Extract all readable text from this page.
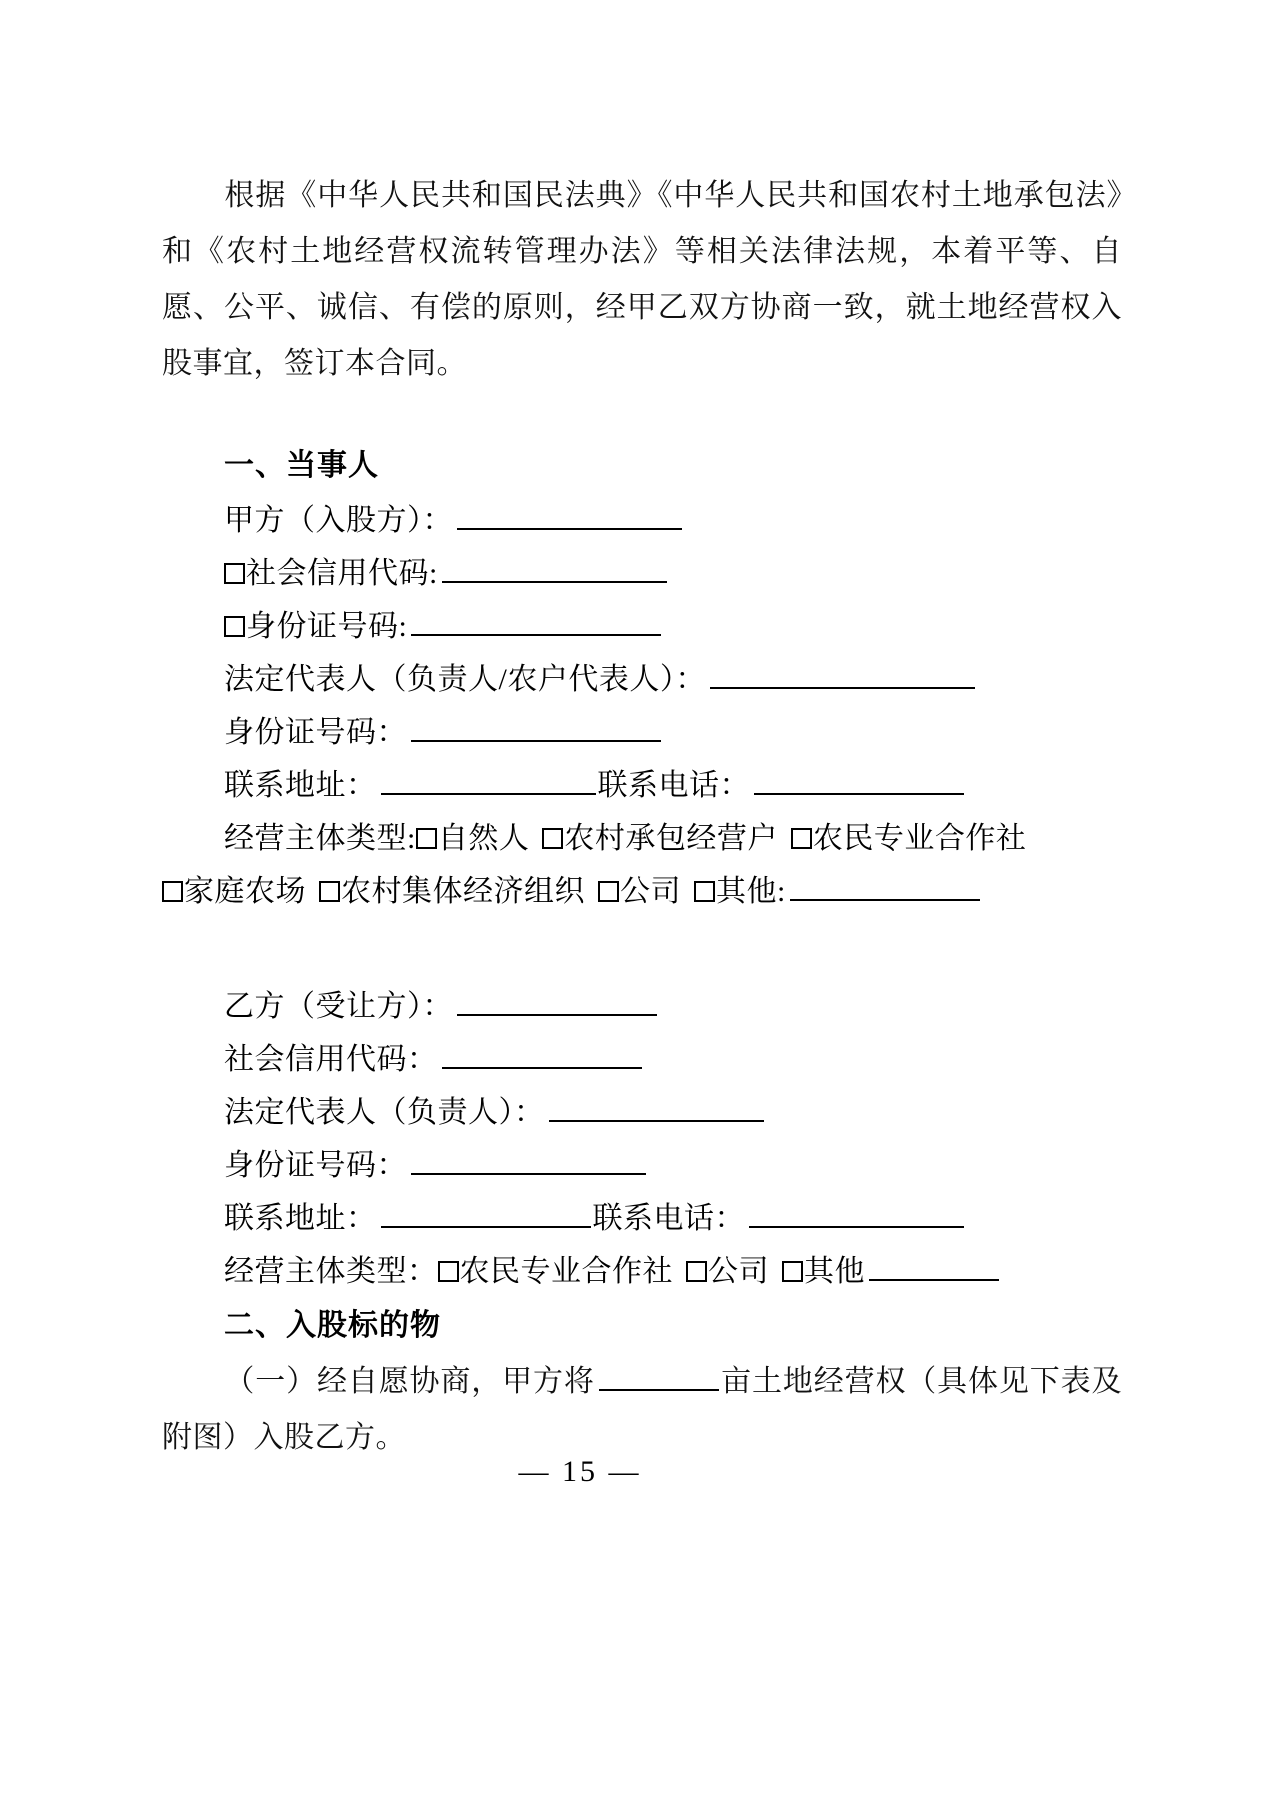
根据《中华人民共和国民法典》《中华人民共和国农村土地承包法》和《农村土地经营权流转管理办法》等相关法律法规，本着平等、自愿、公平、诚信、有偿的原则，经甲乙双方协商一致，就土地经营权入股事宜，签订本合同。

一、当事人

甲方（入股方）：

社会信用代码:

身份证号码:

法定代表人（负责人/农户代表人）：

身份证号码：

联系地址：	联系电话：

经营主体类型: 自然人 农村承包经营户 农民专业合作社

家庭农场 农村集体经济组织 公司 其他:

乙方（受让方）：

社会信用代码：

法定代表人（负责人）：

身份证号码：

联系地址：	联系电话：

经营主体类型： 农民专业合作社 公司 其他

二、入股标的物

（一）经自愿协商，甲方将	亩土地经营权（具体见下表及附图）入股乙方。

— 15 —
